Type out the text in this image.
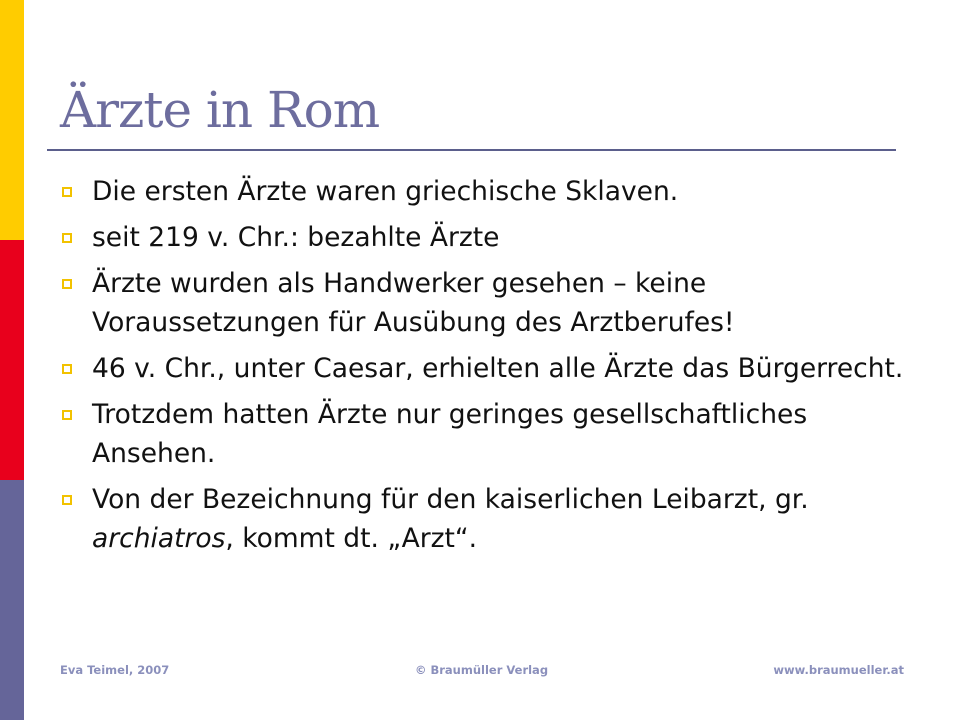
Ärzte in Rom
Die ersten Ärzte waren griechische Sklaven.
seit 219 v. Chr.: bezahlte Ärzte
Ärzte wurden als Handwerker gesehen – keine Voraussetzungen für Ausübung des Arztberufes!
46 v. Chr., unter Caesar, erhielten alle Ärzte das Bürgerrecht.
Trotzdem hatten Ärzte nur geringes gesellschaftliches Ansehen.
Von der Bezeichnung für den kaiserlichen Leibarzt, gr. archiatros, kommt dt. „Arzt“.
Eva Teimel, 2007	© Braumüller Verlag	www.braumueller.at
